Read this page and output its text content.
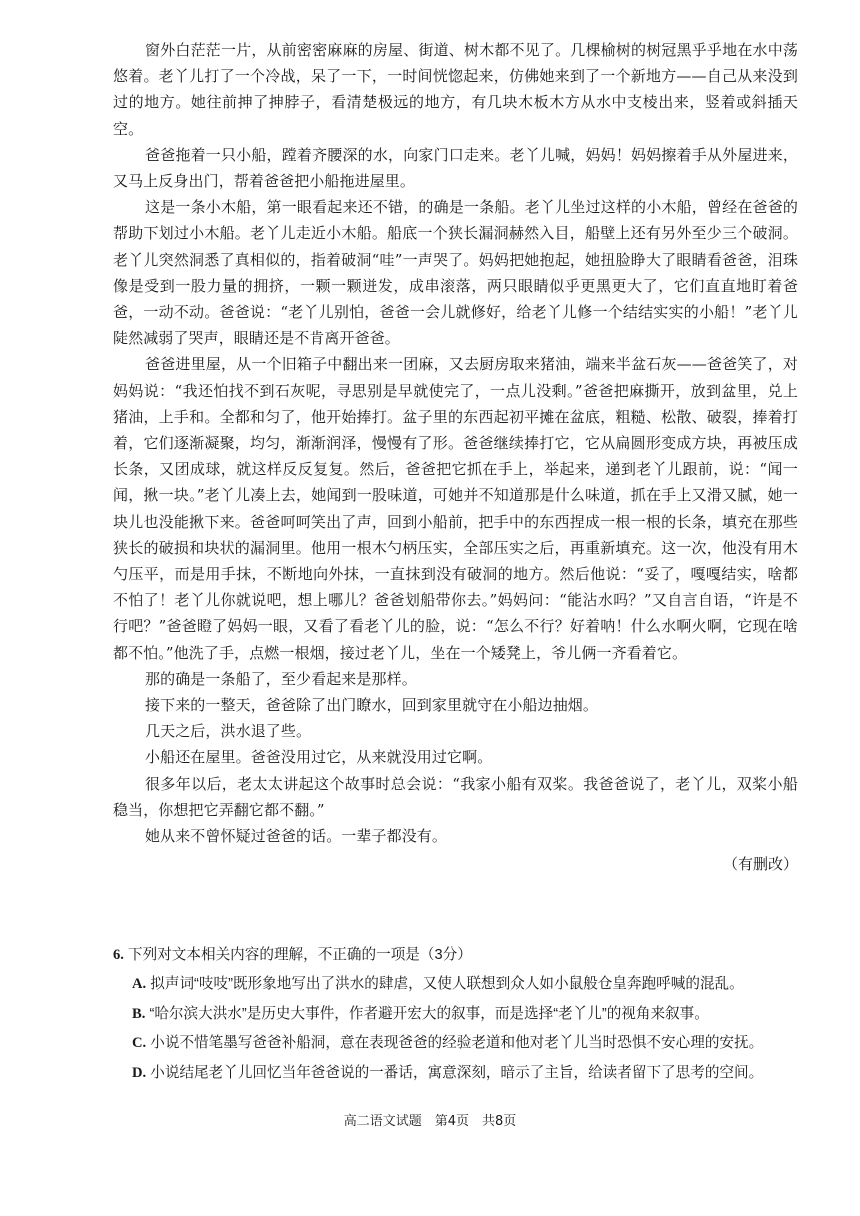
窗外白茫茫一片，从前密密麻麻的房屋、街道、树木都不见了。几棵榆树的树冠黑乎乎地在水中荡悠着。老丫儿打了一个冷战，呆了一下，一时间恍惚起来，仿佛她来到了一个新地方——自己从来没到过的地方。她往前抻了抻脖子，看清楚极远的地方，有几块木板木方从水中支棱出来，竖着或斜插天空。

爸爸拖着一只小船，蹚着齐腰深的水，向家门口走来。老丫儿喊，妈妈！妈妈擦着手从外屋进来，又马上反身出门，帮着爸爸把小船拖进屋里。

这是一条小木船，第一眼看起来还不错，的确是一条船。老丫儿坐过这样的小木船，曾经在爸爸的帮助下划过小木船。老丫儿走近小木船。船底一个狭长漏洞赫然入目，船壁上还有另外至少三个破洞。老丫儿突然洞悉了真相似的，指着破洞“哇”一声哭了。妈妈把她抱起，她扭脸睁大了眼睛看爸爸，泪珠像是受到一股力量的拥挤，一颗一颗迸发，成串滚落，两只眼睛似乎更黑更大了，它们直直地盯着爸爸，一动不动。爸爸说：“老丫儿别怕，爸爸一会儿就修好，给老丫儿修一个结结实实的小船！”老丫儿陡然减弱了哭声，眼睛还是不肯离开爸爸。

爸爸进里屋，从一个旧箱子中翻出来一团麻，又去厨房取来猪油，端来半盆石灰——爸爸笑了，对妈妈说：“我还怕找不到石灰呢，寻思别是早就使完了，一点儿没剩。”爸爸把麻撕开，放到盆里，兑上猪油，上手和。全都和匀了，他开始捧打。盆子里的东西起初平摊在盆底，粗糙、松散、破裂，捧着打着，它们逐渐凝聚，均匀，渐渐润泽，慢慢有了形。爸爸继续捧打它，它从扁圆形变成方块，再被压成长条，又团成球，就这样反反复复。然后，爸爸把它抓在手上，举起来，递到老丫儿跟前，说：“闻一闻，揪一块。”老丫儿凑上去，她闻到一股味道，可她并不知道那是什么味道，抓在手上又滑又腻，她一块儿也没能揪下来。爸爸呵呵笑出了声，回到小船前，把手中的东西捏成一根一根的长条，填充在那些狭长的破损和块状的漏洞里。他用一根木勺柄压实，全部压实之后，再重新填充。这一次，他没有用木勺压平，而是用手抹，不断地向外抹，一直抹到没有破洞的地方。然后他说：“妥了，嘎嘎结实，啥都不怕了！老丫儿你就说吧，想上哪儿？爸爸划船带你去。”妈妈问：“能沾水吗？”又自言自语，“许是不行吧？”爸爸瞪了妈妈一眼，又看了看老丫儿的脸，说：“怎么不行？好着呐！什么水啊火啊，它现在啥都不怕。”他洗了手，点燃一根烟，接过老丫儿，坐在一个矮凳上，爷儿俩一齐看着它。

那的确是一条船了，至少看起来是那样。

接下来的一整天，爸爸除了出门瞭水，回到家里就守在小船边抽烟。

几天之后，洪水退了些。

小船还在屋里。爸爸没用过它，从来就没用过它啊。

很多年以后，老太太讲起这个故事时总会说：“我家小船有双桨。我爸爸说了，老丫儿，双桨小船稳当，你想把它弄翻它都不翻。”

她从来不曾怀疑过爸爸的话。一辈子都没有。

（有删改）

6. 下列对文本相关内容的理解，不正确的一项是（3分）

A. 拟声词“吱吱”既形象地写出了洪水的肆虐，又使人联想到众人如小鼠般仓皇奔跑呼喊的混乱。

B. “哈尔滨大洪水”是历史大事件，作者避开宏大的叙事，而是选择“老丫儿”的视角来叙事。

C. 小说不惜笔墨写爸爸补船洞，意在表现爸爸的经验老道和他对老丫儿当时恐惧不安心理的安抚。

D. 小说结尾老丫儿回忆当年爸爸说的一番话，寓意深刻，暗示了主旨，给读者留下了思考的空间。

高二语文试题　第4页　共8页
